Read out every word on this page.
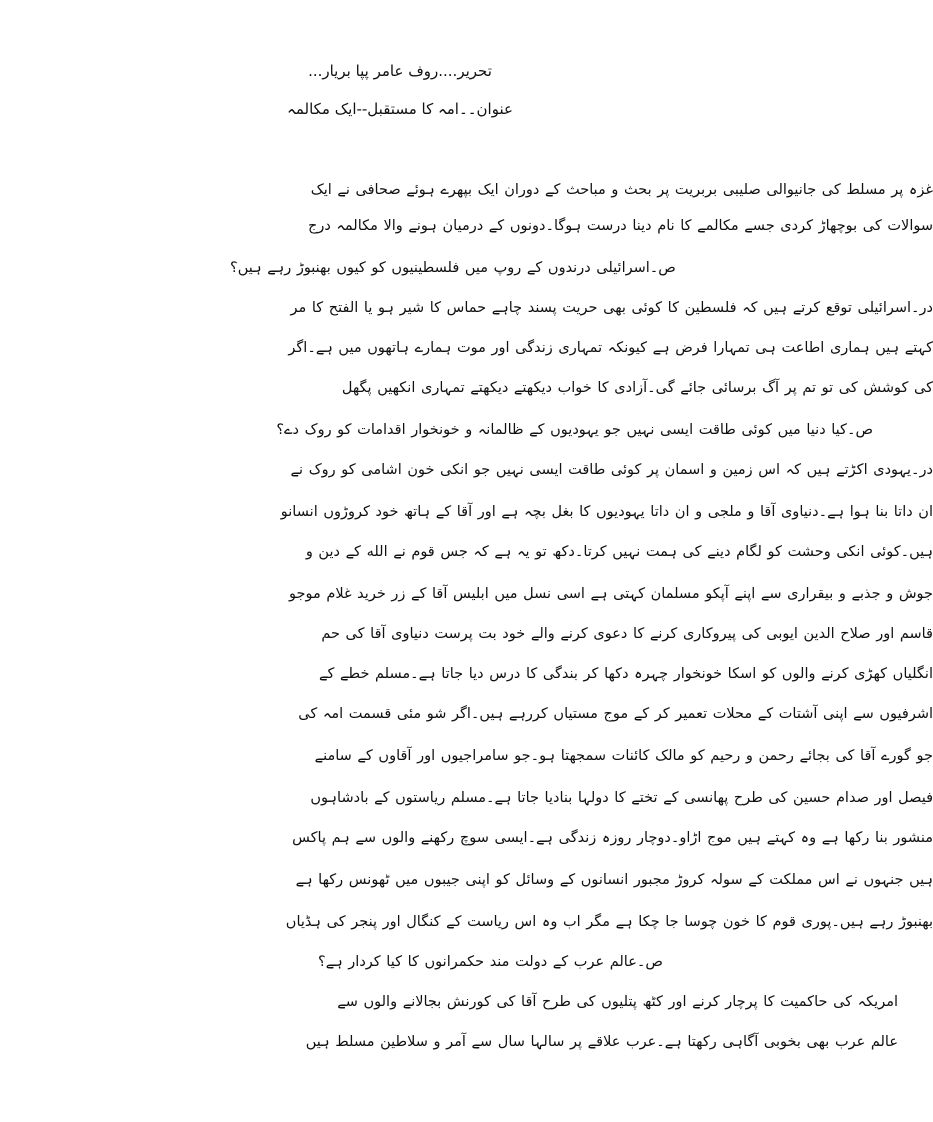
تحریر....روف عامر پپا بریار...
عنوان۔۔امہ کا مستقبل--ایک مکالمہ
غزہ پر مسلط کی جانیوالی صلیبی بربریت پر بحث و مباحث کے دوران ایک بپھرے ہوئے صحافی نے ایک
سوالات کی بوچھاڑ کردی جسے مکالمے کا نام دینا درست ہوگا۔دونوں کے درمیان ہونے والا مکالمہ درج
ص۔اسرائیلی درندوں کے روپ میں فلسطینیوں کو کیوں بھنبوڑ رہے ہیں؟
در۔اسرائیلی توقع کرتے ہیں کہ فلسطین کا کوئی بھی حریت پسند چاہے حماس کا شیر ہو یا الفتح کا مر
کہتے ہیں ہماری اطاعت ہی تمہارا فرض ہے کیونکہ تمہاری زندگی اور موت ہمارے ہاتھوں میں ہے۔اگر
کی کوشش کی تو تم پر آگ برسائی جائے گی۔آزادی کا خواب دیکھتے دیکھتے تمہاری انکھیں پگھل
ص۔کیا دنیا میں کوئی طاقت ایسی نہیں جو یہودیوں کے ظالمانہ و خونخوار اقدامات کو روک دے؟
در۔یہودی اکڑتے ہیں کہ اس زمین و اسمان پر کوئی طاقت ایسی نہیں جو انکی خون اشامی کو روک نے
ان داتا بنا ہوا ہے۔دنیاوی آقا و ملجی و ان داتا یہودیوں کا بغل بچہ ہے اور آقا کے ہاتھ خود کروڑوں انسانو
ہیں۔کوئی انکی وحشت کو لگام دینے کی ہمت نہیں کرتا۔دکھ تو یہ ہے کہ جس قوم نے الله کے دین و
جوش و جذبے و بیقراری سے اپنے آپکو مسلمان کہتی ہے اسی نسل میں ابلیس آقا کے زر خرید غلام موجو
قاسم اور صلاح الدین ایوبی کی پیروکاری کرنے کا دعوی کرنے والے خود بت پرست دنیاوی آقا کی حم
انگلیاں کھڑی کرنے والوں کو اسکا خونخوار چہرہ دکھا کر بندگی کا درس دیا جاتا ہے۔مسلم خطے کے
اشرفیوں سے اپنی آشتات کے محلات تعمیر کر کے موج مستیاں کررہے ہیں۔اگر شو مئی قسمت امہ کی
جو گورے آقا کی بجائے رحمن و رحیم کو مالک کائنات سمجھتا ہو۔جو سامراجیوں اور آقاوں کے سامنے
فیصل اور صدام حسین کی طرح پھانسی کے تختے کا دولہا بنادیا جاتا ہے۔مسلم ریاستوں کے بادشاہوں
منشور بنا رکھا ہے وہ کہتے ہیں موج اڑاو۔دوچار روزہ زندگی ہے۔ایسی سوچ رکھنے والوں سے ہم پاکس
ہیں جنہوں نے اس مملکت کے سولہ کروڑ مجبور انسانوں کے وسائل کو اپنی جیبوں میں ٹھونس رکھا ہے
بھنبوڑ رہے ہیں۔پوری قوم کا خون چوسا جا چکا ہے مگر اب وہ اس ریاست کے کنگال اور پنجر کی ہڈیاں
ص۔عالم عرب کے دولت مند حکمرانوں کا کیا کردار ہے؟
امریکہ کی حاکمیت کا پرچار کرنے اور کٹھ پتلیوں کی طرح آقا کی کورنش بجالانے والوں سے
عالم عرب بھی بخوبی آگاہی رکھتا ہے۔عرب علاقے پر سالہا سال سے آمر و سلاطین مسلط ہیں
